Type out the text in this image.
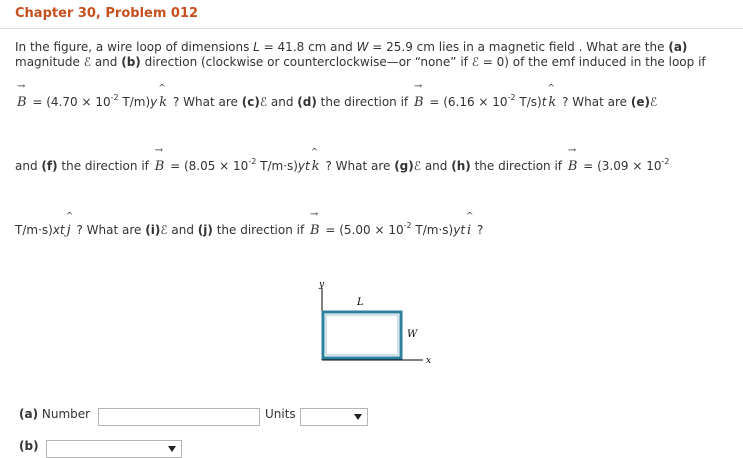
Chapter 30, Problem 012
In the figure, a wire loop of dimensions L = 41.8 cm and W = 25.9 cm lies in a magnetic field . What are the (a)
magnitude ℰ and (b) direction (clockwise or counterclockwise—or “none” if ℰ = 0) of the emf induced in the loop if
→
$B = (4.70 \times 10^{-2}$ T/m)y
^
k ? What are (c)ℰ and (d) the direction if
→
$B = (6.16 \times 10^{-2}$ T/s)t
^
k ? What are (e)ℰ
and (f) the direction if
→
$B = (8.05 \times 10^{-2}$ T/m·s)yt
^
k ? What are (g)ℰ and (h) the direction if
→
$B = (3.09 \times 10^{-2}$
T/m·s)xt
^
j ? What are (i)ℰ and (j) the direction if
→
$B = (5.00 \times 10^{-2}$ T/m·s)yt
^
i ?
y
x
L
W
(a) Number	Units
(b)
